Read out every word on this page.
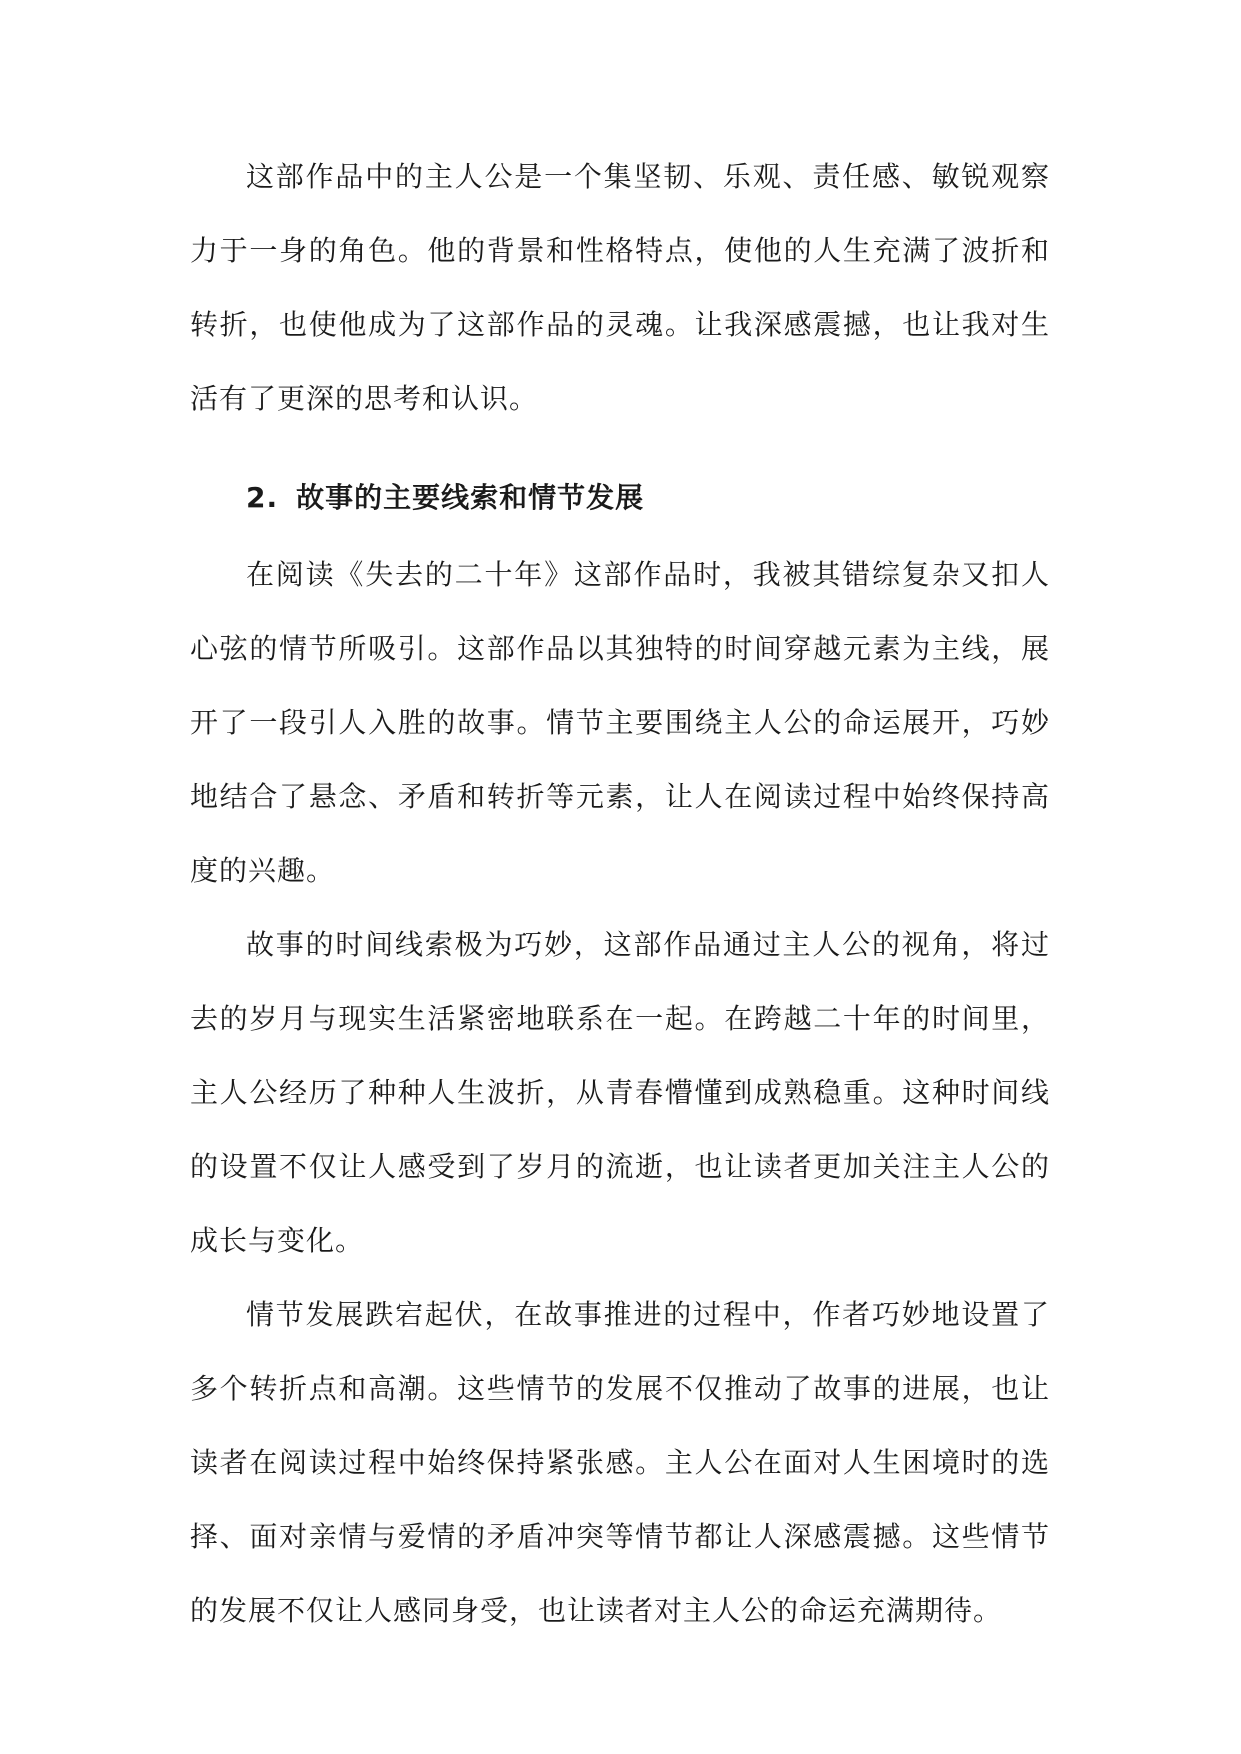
这部作品中的主人公是一个集坚韧、乐观、责任感、敏锐观察力于一身的角色。他的背景和性格特点，使他的人生充满了波折和转折，也使他成为了这部作品的灵魂。让我深感震撼，也让我对生活有了更深的思考和认识。

2. 故事的主要线索和情节发展

在阅读《失去的二十年》这部作品时，我被其错综复杂又扣人心弦的情节所吸引。这部作品以其独特的时间穿越元素为主线，展开了一段引人入胜的故事。情节主要围绕主人公的命运展开，巧妙地结合了悬念、矛盾和转折等元素，让人在阅读过程中始终保持高度的兴趣。

故事的时间线索极为巧妙，这部作品通过主人公的视角，将过去的岁月与现实生活紧密地联系在一起。在跨越二十年的时间里，主人公经历了种种人生波折，从青春懵懂到成熟稳重。这种时间线的设置不仅让人感受到了岁月的流逝，也让读者更加关注主人公的成长与变化。

情节发展跌宕起伏，在故事推进的过程中，作者巧妙地设置了多个转折点和高潮。这些情节的发展不仅推动了故事的进展，也让读者在阅读过程中始终保持紧张感。主人公在面对人生困境时的选择、面对亲情与爱情的矛盾冲突等情节都让人深感震撼。这些情节的发展不仅让人感同身受，也让读者对主人公的命运充满期待。
